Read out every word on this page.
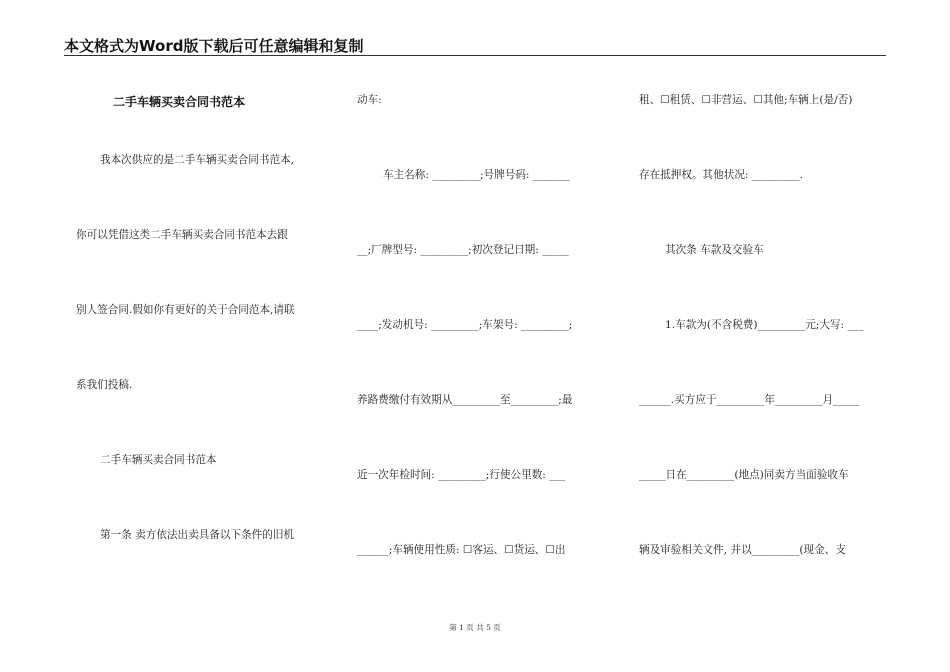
本文格式为Word版下载后可任意编辑和复制
二手车辆买卖合同书范本
我本次供应的是二手车辆买卖合同书范本,
你可以凭借这类二手车辆买卖合同书范本去跟
别人签合同.假如你有更好的关于合同范本,请联
系我们投稿.
二手车辆买卖合同书范本
第一条 卖方依法出卖具备以下条件的旧机
动车:
车主名称: _________;号牌号码: _______
__;厂牌型号: _________;初次登记日期: _____
____;发动机号: _________;车架号: _________;
养路费缴付有效期从_________至_________;最
近一次年检时间: _________;行使公里数: ___
______;车辆使用性质: ☐客运、☐货运、☐出
租、☐租赁、☐非营运、☐其他;车辆上(是/否)
存在抵押权。其他状况: _________.
其次条 车款及交验车
1.车款为(不含税费)_________元;大写: ___
______.买方应于_________年_________月_____
_____日在_________(地点)同卖方当面验收车
辆及审验相关文件, 并以_________(现金、支
第 1 页 共 5 页
